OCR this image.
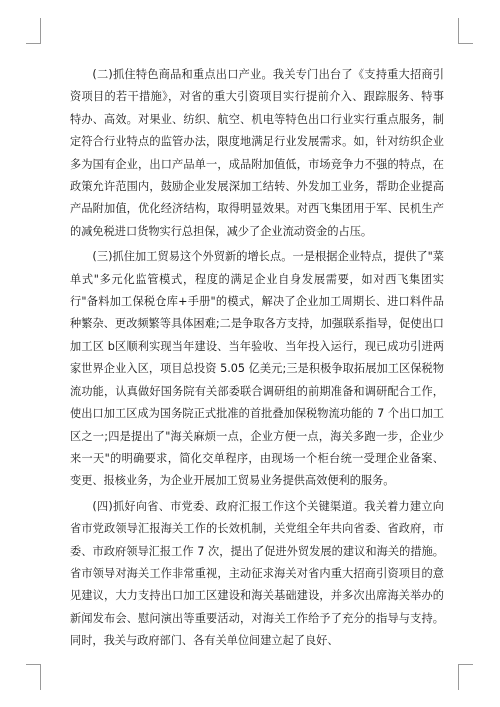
(二)抓住特色商品和重点出口产业。我关专门出台了《支持重大招商引资项目的若干措施》，对省的重大引资项目实行提前介入、跟踪服务、特事特办、高效。对果业、纺织、航空、机电等特色出口行业实行重点服务，制定符合行业特点的监管办法，限度地满足行业发展需求。如，针对纺织企业多为国有企业，出口产品单一，成品附加值低，市场竞争力不强的特点，在政策允许范围内，鼓励企业发展深加工结转、外发加工业务，帮助企业提高产品附加值，优化经济结构，取得明显效果。对西飞集团用于军、民机生产的减免税进口货物实行总担保，减少了企业流动资金的占压。

(三)抓住加工贸易这个外贸新的增长点。一是根据企业特点，提供了"菜单式"多元化监管模式，程度的满足企业自身发展需要，如对西飞集团实行"备料加工保税仓库+手册"的模式，解决了企业加工周期长、进口料件品种繁杂、更改频繁等具体困难;二是争取各方支持，加强联系指导，促使出口加工区 b区顺利实现当年建设、当年验收、当年投入运行，现已成功引进两家世界企业入区，项目总投资 5.05 亿美元;三是积极争取拓展加工区保税物流功能，认真做好国务院有关部委联合调研组的前期准备和调研配合工作，使出口加工区成为国务院正式批准的首批叠加保税物流功能的 7 个出口加工区之一;四是提出了"海关麻烦一点，企业方便一点，海关多跑一步，企业少来一天"的明确要求，简化交单程序，由现场一个柜台统一受理企业备案、变更、报核业务，为企业开展加工贸易业务提供高效便利的服务。

(四)抓好向省、市党委、政府汇报工作这个关键渠道。我关着力建立向省市党政领导汇报海关工作的长效机制，关党组全年共向省委、省政府，市委、市政府领导汇报工作 7 次，提出了促进外贸发展的建议和海关的措施。省市领导对海关工作非常重视，主动征求海关对省内重大招商引资项目的意见建议，大力支持出口加工区建设和海关基础建设，并多次出席海关举办的新闻发布会、慰问演出等重要活动，对海关工作给予了充分的指导与支持。同时，我关与政府部门、各有关单位间建立起了良好、
